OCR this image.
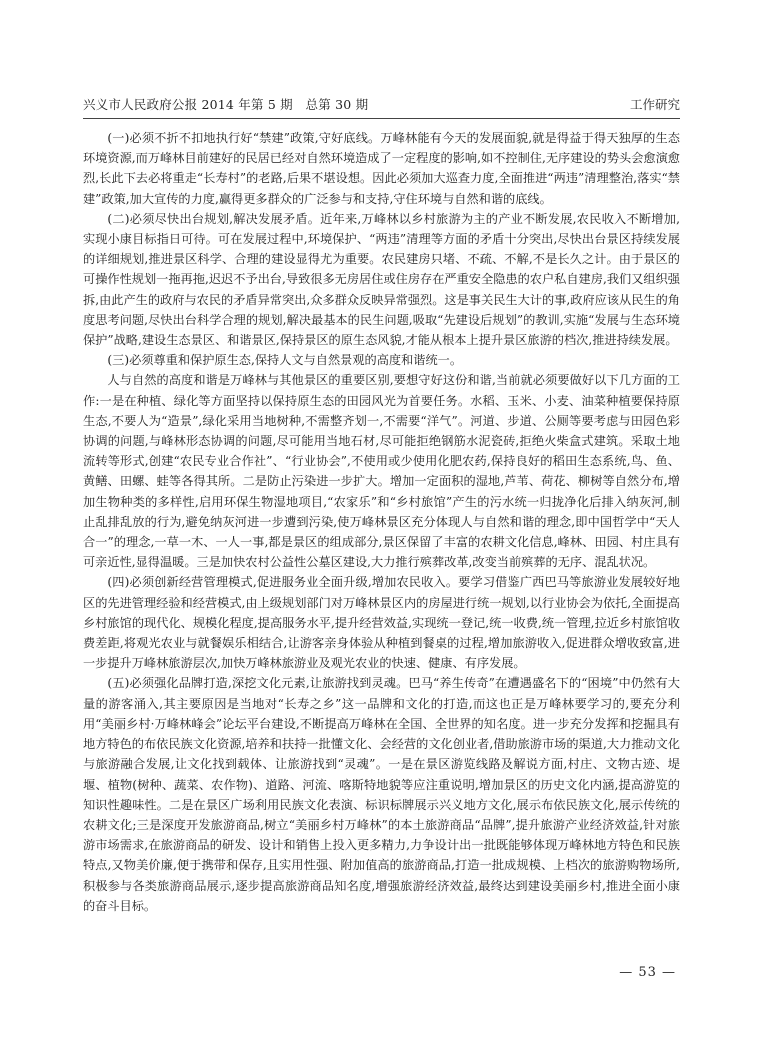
兴义市人民政府公报 2014 年第 5 期　总第 30 期	工作研究

(一)必须不折不扣地执行好“禁建”政策,守好底线。万峰林能有今天的发展面貌,就是得益于得天独厚的生态环境资源,而万峰林目前建好的民居已经对自然环境造成了一定程度的影响,如不控制住,无序建设的势头会愈演愈烈,长此下去必将重走“长寿村”的老路,后果不堪设想。因此必须加大巡查力度,全面推进“两违”清理整治,落实“禁建”政策,加大宣传的力度,赢得更多群众的广泛参与和支持,守住环境与自然和谐的底线。

(二)必须尽快出台规划,解决发展矛盾。近年来,万峰林以乡村旅游为主的产业不断发展,农民收入不断增加,实现小康目标指日可待。可在发展过程中,环境保护、“两违”清理等方面的矛盾十分突出,尽快出台景区持续发展的详细规划,推进景区科学、合理的建设显得尤为重要。农民建房只堵、不疏、不解,不是长久之计。由于景区的可操作性规划一拖再拖,迟迟不予出台,导致很多无房居住或住房存在严重安全隐患的农户私自建房,我们又组织强拆,由此产生的政府与农民的矛盾异常突出,众多群众反映异常强烈。这是事关民生大计的事,政府应该从民生的角度思考问题,尽快出台科学合理的规划,解决最基本的民生问题,吸取“先建设后规划”的教训,实施“发展与生态环境保护”战略,建设生态景区、和谐景区,保持景区的原生态风貌,才能从根本上提升景区旅游的档次,推进持续发展。

(三)必须尊重和保护原生态,保持人文与自然景观的高度和谐统一。

人与自然的高度和谐是万峰林与其他景区的重要区别,要想守好这份和谐,当前就必须要做好以下几方面的工作:一是在种植、绿化等方面坚持以保持原生态的田园风光为首要任务。水稻、玉米、小麦、油菜种植要保持原生态,不要人为“造景”,绿化采用当地树种,不需整齐划一,不需要“洋气”。河道、步道、公厕等要考虑与田园色彩协调的问题,与峰林形态协调的问题,尽可能用当地石材,尽可能拒绝钢筋水泥瓷砖,拒绝火柴盒式建筑。采取土地流转等形式,创建“农民专业合作社”、“行业协会”,不使用或少使用化肥农药,保持良好的稻田生态系统,鸟、鱼、黄鳝、田螺、蛙等各得其所。二是防止污染进一步扩大。增加一定面积的湿地,芦苇、荷花、柳树等自然分布,增加生物种类的多样性,启用环保生物湿地项目,“农家乐”和“乡村旅馆”产生的污水统一归拢净化后排入纳灰河,制止乱排乱放的行为,避免纳灰河进一步遭到污染,使万峰林景区充分体现人与自然和谐的理念,即中国哲学中“天人合一”的理念,一草一木、一人一事,都是景区的组成部分,景区保留了丰富的农耕文化信息,峰林、田园、村庄具有可亲近性,显得温暖。三是加快农村公益性公墓区建设,大力推行殡葬改革,改变当前殡葬的无序、混乱状况。

(四)必须创新经营管理模式,促进服务业全面升级,增加农民收入。要学习借鉴广西巴马等旅游业发展较好地区的先进管理经验和经营模式,由上级规划部门对万峰林景区内的房屋进行统一规划,以行业协会为依托,全面提高乡村旅馆的现代化、规模化程度,提高服务水平,提升经营效益,实现统一登记,统一收费,统一管理,拉近乡村旅馆收费差距,将观光农业与就餐娱乐相结合,让游客亲身体验从种植到餐桌的过程,增加旅游收入,促进群众增收致富,进一步提升万峰林旅游层次,加快万峰林旅游业及观光农业的快速、健康、有序发展。

(五)必须强化品牌打造,深挖文化元素,让旅游找到灵魂。巴马“养生传奇”在遭遇盛名下的“困境”中仍然有大量的游客涌入,其主要原因是当地对“长寿之乡”这一品牌和文化的打造,而这也正是万峰林要学习的,要充分利用“美丽乡村·万峰林峰会”论坛平台建设,不断提高万峰林在全国、全世界的知名度。进一步充分发挥和挖掘具有地方特色的布依民族文化资源,培养和扶持一批懂文化、会经营的文化创业者,借助旅游市场的渠道,大力推动文化与旅游融合发展,让文化找到载体、让旅游找到“灵魂”。一是在景区游览线路及解说方面,村庄、文物古迹、堤堰、植物(树种、蔬菜、农作物)、道路、河流、喀斯特地貌等应注重说明,增加景区的历史文化内涵,提高游览的知识性趣味性。二是在景区广场利用民族文化表演、标识标牌展示兴义地方文化,展示布依民族文化,展示传统的农耕文化;三是深度开发旅游商品,树立“美丽乡村万峰林”的本土旅游商品“品牌”,提升旅游产业经济效益,针对旅游市场需求,在旅游商品的研发、设计和销售上投入更多精力,力争设计出一批既能够体现万峰林地方特色和民族特点,又物美价廉,便于携带和保存,且实用性强、附加值高的旅游商品,打造一批成规模、上档次的旅游购物场所,积极参与各类旅游商品展示,逐步提高旅游商品知名度,增强旅游经济效益,最终达到建设美丽乡村,推进全面小康的奋斗目标。

— 53 —
